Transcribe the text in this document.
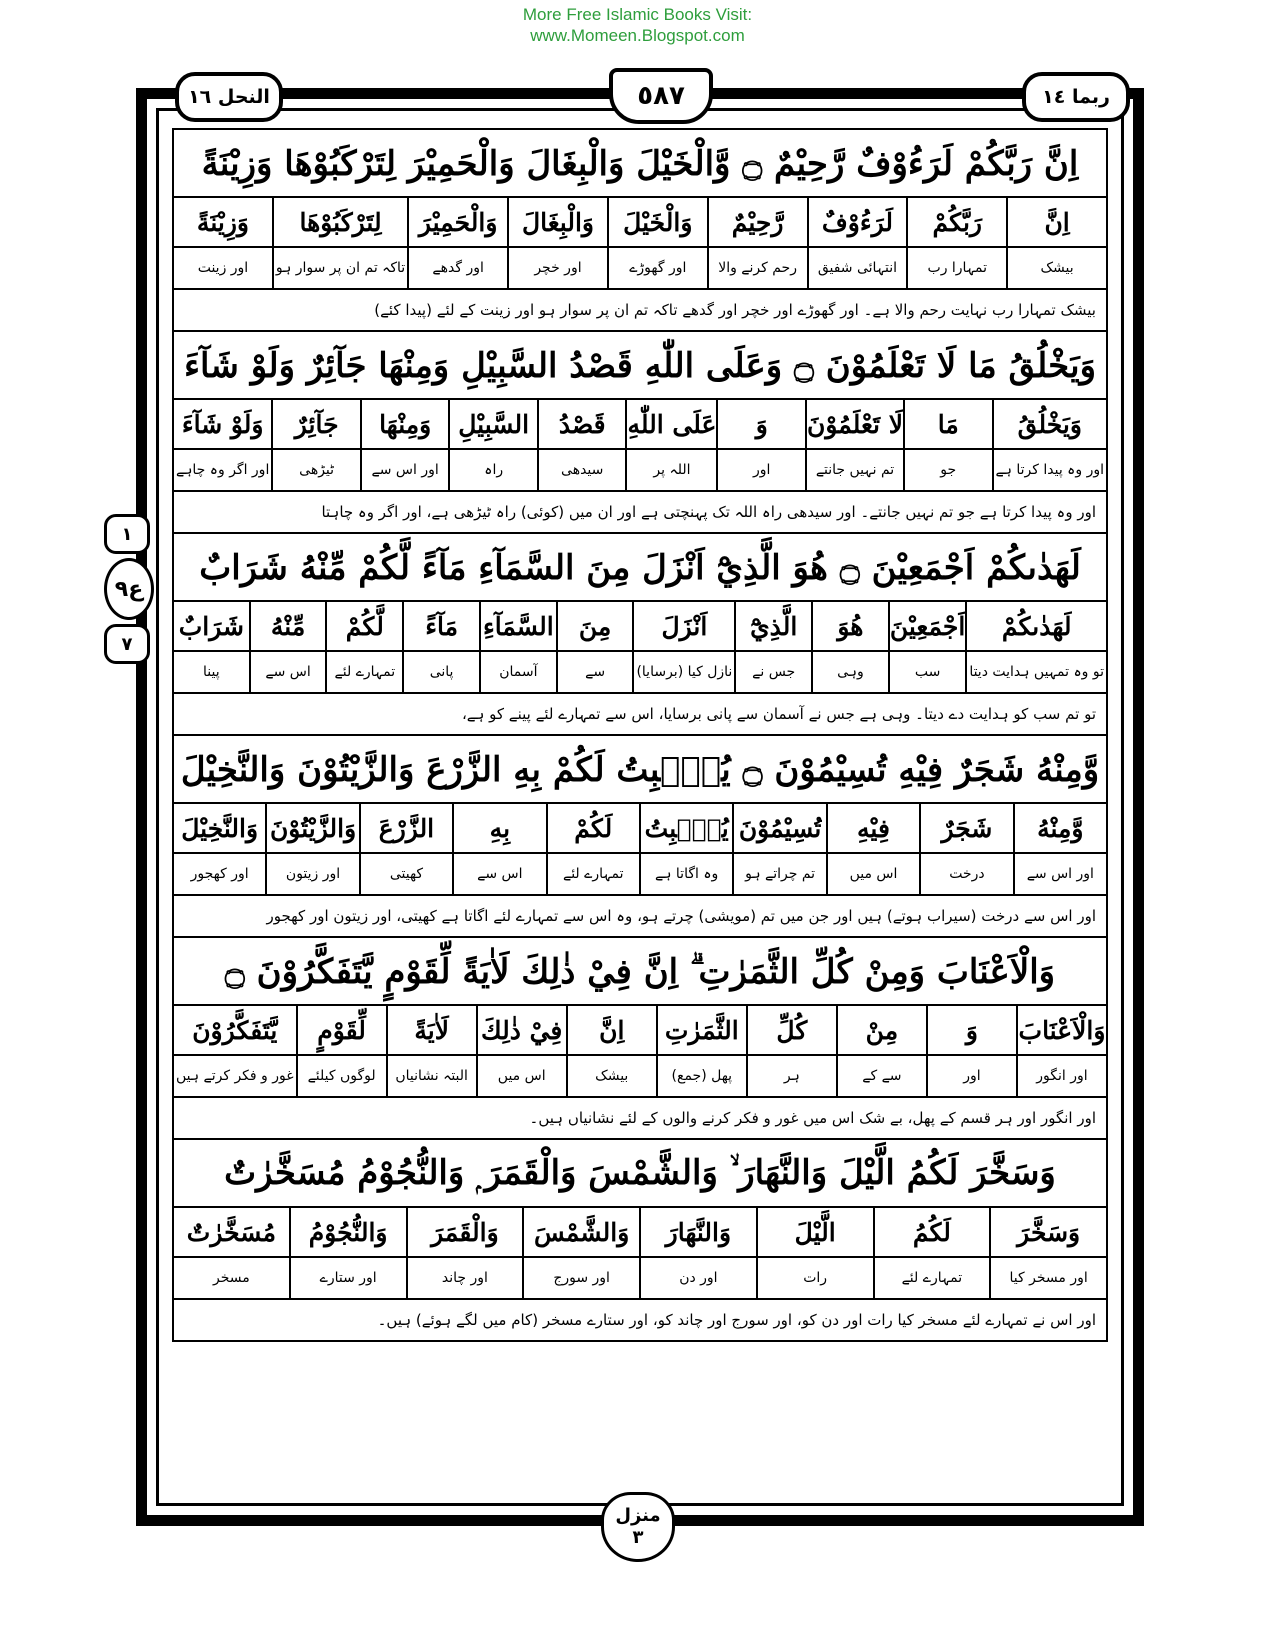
More Free Islamic Books Visit:
www.Momeen.Blogspot.com
النحل ١٦	٥٨٧	ربما ١٤
١
ع٩
٧
اِنَّ رَبَّكُمْ لَرَءُوْفٌ رَّحِيْمٌ ۝ وَّالْخَيْلَ وَالْبِغَالَ وَالْحَمِيْرَ لِتَرْكَبُوْهَا وَزِيْنَةً
اِنَّ
بیشک
رَبَّكُمْ
تمہارا رب
لَرَءُوْفٌ
انتہائی شفیق
رَّحِيْمٌ
رحم کرنے والا
وَالْخَيْلَ
اور گھوڑے
وَالْبِغَالَ
اور خچر
وَالْحَمِيْرَ
اور گدھے
لِتَرْكَبُوْهَا
تاکہ تم ان پر سوار ہو
وَزِيْنَةً
اور زینت
بیشک تمہارا رب نہایت رحم والا ہے۔ اور گھوڑے اور خچر اور گدھے تاکہ تم ان پر سوار ہو اور زینت کے لئے (پیدا کئے)
وَيَخْلُقُ مَا لَا تَعْلَمُوْنَ ۝ وَعَلَى اللّٰهِ قَصْدُ السَّبِيْلِ وَمِنْهَا جَآئِرٌ وَلَوْ شَآءَ
وَيَخْلُقُ
اور وہ پیدا کرتا ہے
مَا
جو
لَا تَعْلَمُوْنَ
تم نہیں جانتے
وَ
اور
عَلَى اللّٰهِ
اللہ پر
قَصْدُ
سیدھی
السَّبِيْلِ
راہ
وَمِنْهَا
اور اس سے
جَآئِرٌ
ٹیڑھی
وَلَوْ شَآءَ
اور اگر وہ چاہے
اور وہ پیدا کرتا ہے جو تم نہیں جانتے۔ اور سیدھی راہ اللہ تک پہنچتی ہے اور ان میں (کوئی) راہ ٹیڑھی ہے، اور اگر وہ چاہتا
لَهَدٰىكُمْ اَجْمَعِيْنَ ۝ هُوَ الَّذِيْٓ اَنْزَلَ مِنَ السَّمَآءِ مَآءً لَّكُمْ مِّنْهُ شَرَابٌ
لَهَدٰىكُمْ
تو وہ تمہیں ہدایت دیتا
اَجْمَعِيْنَ
سب
هُوَ
وہی
الَّذِيْٓ
جس نے
اَنْزَلَ
نازل کیا (برسایا)
مِنَ
سے
السَّمَآءِ
آسمان
مَآءً
پانی
لَّكُمْ
تمہارے لئے
مِّنْهُ
اس سے
شَرَابٌ
پینا
تو تم سب کو ہدایت دے دیتا۔ وہی ہے جس نے آسمان سے پانی برسایا، اس سے تمہارے لئے پینے کو ہے،
وَّمِنْهُ شَجَرٌ فِيْهِ تُسِيْمُوْنَ ۝ يُنْۢبِتُ لَكُمْ بِهِ الزَّرْعَ وَالزَّيْتُوْنَ وَالنَّخِيْلَ
وَّمِنْهُ
اور اس سے
شَجَرٌ
درخت
فِيْهِ
اس میں
تُسِيْمُوْنَ
تم چراتے ہو
يُنْۢبِتُ
وہ اگاتا ہے
لَكُمْ
تمہارے لئے
بِهِ
اس سے
الزَّرْعَ
کھیتی
وَالزَّيْتُوْنَ
اور زیتون
وَالنَّخِيْلَ
اور کھجور
اور اس سے درخت (سیراب ہوتے) ہیں اور جن میں تم (مویشی) چرتے ہو، وہ اس سے تمہارے لئے اگاتا ہے کھیتی، اور زیتون اور کھجور
وَالْاَعْنَابَ وَمِنْ كُلِّ الثَّمَرٰتِ ۗ اِنَّ فِيْ ذٰلِكَ لَاٰيَةً لِّقَوْمٍ يَّتَفَكَّرُوْنَ ۝
وَالْاَعْنَابَ
اور انگور
وَ
اور
مِنْ
سے کے
كُلِّ
ہر
الثَّمَرٰتِ
پھل (جمع)
اِنَّ
بیشک
فِيْ ذٰلِكَ
اس میں
لَاٰيَةً
البتہ نشانیاں
لِّقَوْمٍ
لوگوں کیلئے
يَّتَفَكَّرُوْنَ
غور و فکر کرتے ہیں
اور انگور اور ہر قسم کے پھل، بے شک اس میں غور و فکر کرنے والوں کے لئے نشانیاں ہیں۔
وَسَخَّرَ لَكُمُ الَّيْلَ وَالنَّهَارَ ۙ وَالشَّمْسَ وَالْقَمَرَ ۭ وَالنُّجُوْمُ مُسَخَّرٰتٌ
وَسَخَّرَ
اور مسخر کیا
لَكُمُ
تمہارے لئے
الَّيْلَ
رات
وَالنَّهَارَ
اور دن
وَالشَّمْسَ
اور سورج
وَالْقَمَرَ
اور چاند
وَالنُّجُوْمُ
اور ستارے
مُسَخَّرٰتٌ
مسخر
اور اس نے تمہارے لئے مسخر کیا رات اور دن کو، اور سورج اور چاند کو، اور ستارے مسخر (کام میں لگے ہوئے) ہیں۔
منزل
٣
